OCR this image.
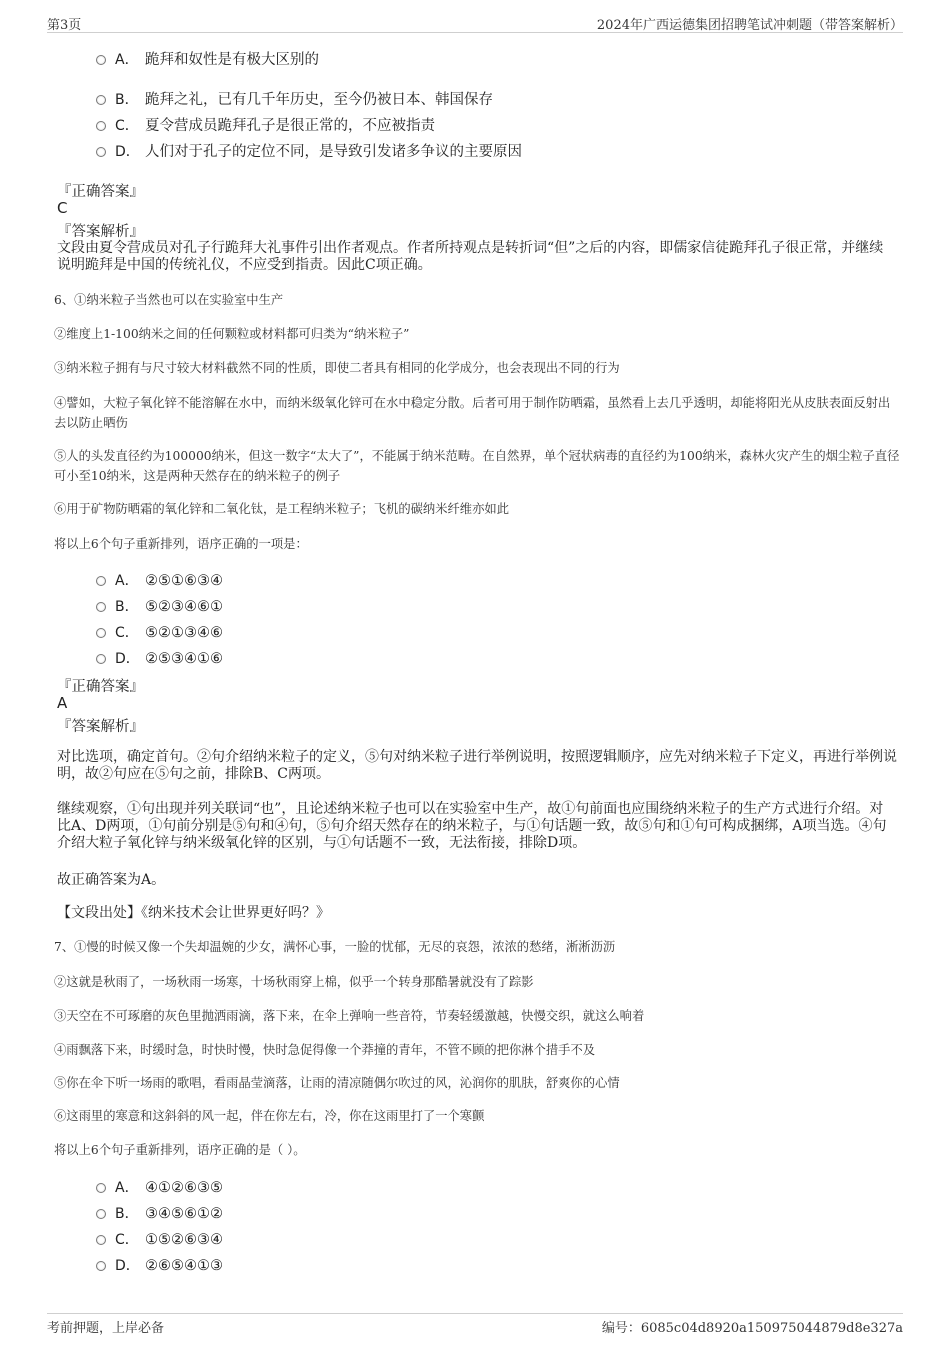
第3页	2024年广西运德集团招聘笔试冲刺题（带答案解析）
A． 跪拜和奴性是有极大区别的
B． 跪拜之礼，已有几千年历史，至今仍被日本、韩国保存
C． 夏令营成员跪拜孔子是很正常的，不应被指责
D． 人们对于孔子的定位不同，是导致引发诸多争议的主要原因
『正确答案』
C
『答案解析』

文段由夏令营成员对孔子行跪拜大礼事件引出作者观点。作者所持观点是转折词“但”之后的内容，即儒家信徒跪拜孔子很正常，并继续说明跪拜是中国的传统礼仪，不应受到指责。因此C项正确。

6、①纳米粒子当然也可以在实验室中生产

②维度上1-100纳米之间的任何颗粒或材料都可归类为“纳米粒子”

③纳米粒子拥有与尺寸较大材料截然不同的性质，即使二者具有相同的化学成分，也会表现出不同的行为

④譬如，大粒子氧化锌不能溶解在水中，而纳米级氧化锌可在水中稳定分散。后者可用于制作防晒霜，虽然看上去几乎透明，却能将阳光从皮肤表面反射出去以防止晒伤

⑤人的头发直径约为100000纳米，但这一数字“太大了”，不能属于纳米范畴。在自然界，单个冠状病毒的直径约为100纳米，森林火灾产生的烟尘粒子直径可小至10纳米，这是两种天然存在的纳米粒子的例子

⑥用于矿物防晒霜的氧化锌和二氧化钛，是工程纳米粒子；飞机的碳纳米纤维亦如此

将以上6个句子重新排列，语序正确的一项是：

A． ②⑤①⑥③④
B． ⑤②③④⑥①
C． ⑤②①③④⑥
D． ②⑤③④①⑥
『正确答案』
A
『答案解析』

对比选项，确定首句。②句介绍纳米粒子的定义，⑤句对纳米粒子进行举例说明，按照逻辑顺序，应先对纳米粒子下定义，再进行举例说明，故②句应在⑤句之前，排除B、C两项。

继续观察，①句出现并列关联词“也”，且论述纳米粒子也可以在实验室中生产，故①句前面也应围绕纳米粒子的生产方式进行介绍。对比A、D两项，①句前分别是⑤句和④句，⑤句介绍天然存在的纳米粒子，与①句话题一致，故⑤句和①句可构成捆绑，A项当选。④句介绍大粒子氧化锌与纳米级氧化锌的区别，与①句话题不一致，无法衔接，排除D项。

故正确答案为A。

【文段出处】《纳米技术会让世界更好吗？》

7、①慢的时候又像一个失却温婉的少女，满怀心事，一脸的忧郁，无尽的哀怨，浓浓的愁绪，淅淅沥沥

②这就是秋雨了，一场秋雨一场寒，十场秋雨穿上棉，似乎一个转身那酷暑就没有了踪影

③天空在不可琢磨的灰色里抛洒雨滴，落下来，在伞上弹响一些音符，节奏轻缓激越，快慢交织，就这么响着

④雨飘落下来，时缓时急，时快时慢，快时急促得像一个莽撞的青年，不管不顾的把你淋个措手不及

⑤你在伞下听一场雨的歌唱，看雨晶莹滴落，让雨的清凉随偶尔吹过的风，沁润你的肌肤，舒爽你的心情

⑥这雨里的寒意和这斜斜的风一起，伴在你左右，冷，你在这雨里打了一个寒颤

将以上6个句子重新排列，语序正确的是（ ）。

A． ④①②⑥③⑤
B． ③④⑤⑥①②
C． ①⑤②⑥③④
D． ②⑥⑤④①③
考前押题，上岸必备	编号：6085c04d8920a150975044879d8e327a
